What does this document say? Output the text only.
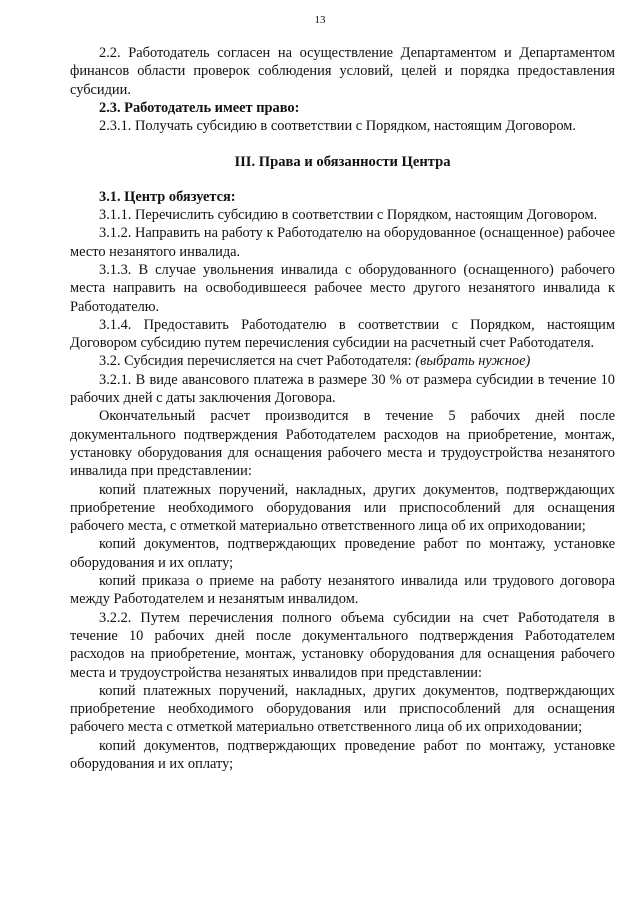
13

2.2. Работодатель согласен на осуществление Департаментом и Департаментом финансов области проверок соблюдения условий, целей и порядка предоставления субсидии.

2.3. Работодатель имеет право:

2.3.1. Получать субсидию в соответствии с Порядком, настоящим Договором.

III. Права и обязанности Центра

3.1. Центр обязуется:

3.1.1. Перечислить субсидию в соответствии с Порядком, настоящим Договором.

3.1.2. Направить на работу к Работодателю на оборудованное (оснащенное) рабочее место незанятого инвалида.

3.1.3. В случае увольнения инвалида с оборудованного (оснащенного) рабочего места направить на освободившееся рабочее место другого незанятого инвалида к Работодателю.

3.1.4. Предоставить Работодателю в соответствии с Порядком, настоящим Договором субсидию путем перечисления субсидии на расчетный счет Работодателя.

3.2. Субсидия перечисляется на счет Работодателя: (выбрать нужное)

3.2.1. В виде авансового платежа в размере 30 % от размера субсидии в течение 10 рабочих дней с даты заключения Договора.

Окончательный расчет производится в течение 5 рабочих дней после документального подтверждения Работодателем расходов на приобретение, монтаж, установку оборудования для оснащения рабочего места и трудоустройства незанятого инвалида при представлении:

копий платежных поручений, накладных, других документов, подтверждающих приобретение необходимого оборудования или приспособлений для оснащения рабочего места, с отметкой материально ответственного лица об их оприходовании;

копий документов, подтверждающих проведение работ по монтажу, установке оборудования и их оплату;

копий приказа о приеме на работу незанятого инвалида или трудового договора между Работодателем и незанятым инвалидом.

3.2.2. Путем перечисления полного объема субсидии на счет Работодателя в течение 10 рабочих дней после документального подтверждения Работодателем расходов на приобретение, монтаж, установку оборудования для оснащения рабочего места и трудоустройства незанятых инвалидов при представлении:

копий платежных поручений, накладных, других документов, подтверждающих приобретение необходимого оборудования или приспособлений для оснащения рабочего места с отметкой материально ответственного лица об их оприходовании;

копий документов, подтверждающих проведение работ по монтажу, установке оборудования и их оплату;
